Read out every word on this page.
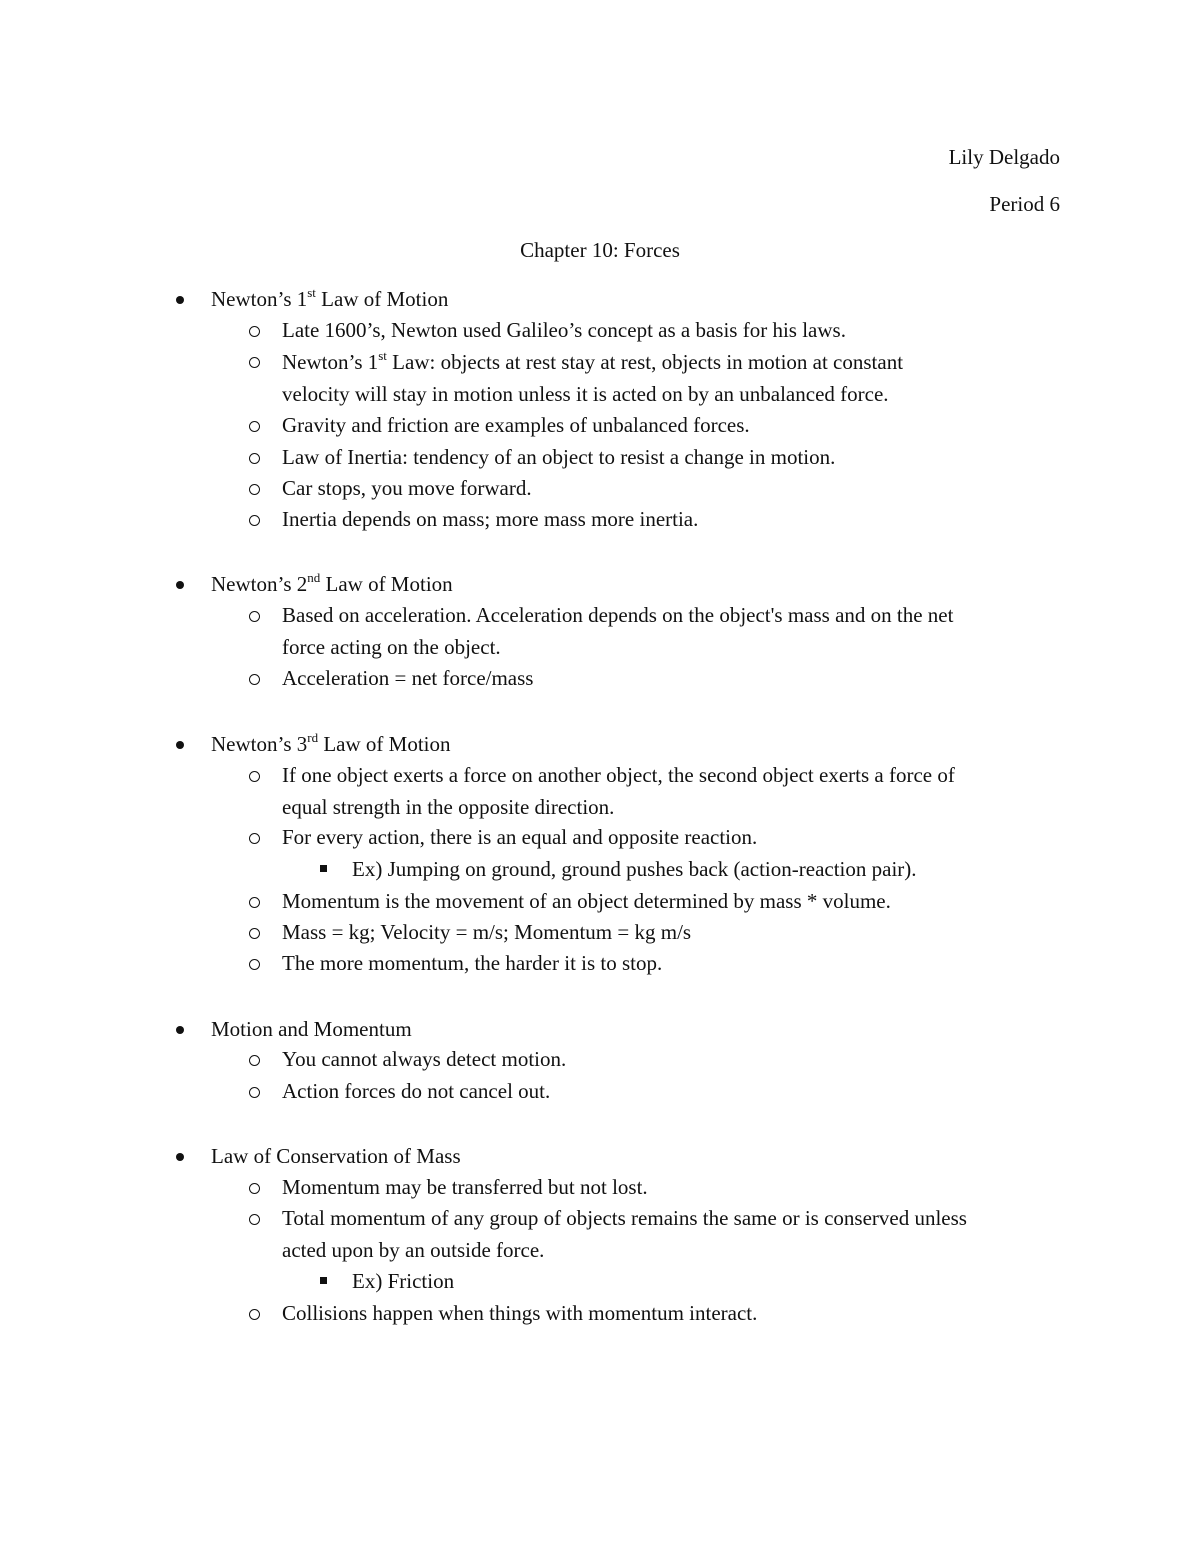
Lily Delgado
Period 6
Chapter 10: Forces
Newton’s 1st Law of Motion
Late 1600’s, Newton used Galileo’s concept as a basis for his laws.
Newton’s 1st Law: objects at rest stay at rest, objects in motion at constant
velocity will stay in motion unless it is acted on by an unbalanced force.
Gravity and friction are examples of unbalanced forces.
Law of Inertia: tendency of an object to resist a change in motion.
Car stops, you move forward.
Inertia depends on mass; more mass more inertia.
Newton’s 2nd Law of Motion
Based on acceleration. Acceleration depends on the object's mass and on the net
force acting on the object.
Acceleration = net force/mass
Newton’s 3rd Law of Motion
If one object exerts a force on another object, the second object exerts a force of
equal strength in the opposite direction.
For every action, there is an equal and opposite reaction.
Ex) Jumping on ground, ground pushes back (action-reaction pair).
Momentum is the movement of an object determined by mass * volume.
Mass = kg; Velocity = m/s; Momentum = kg m/s
The more momentum, the harder it is to stop.
Motion and Momentum
You cannot always detect motion.
Action forces do not cancel out.
Law of Conservation of Mass
Momentum may be transferred but not lost.
Total momentum of any group of objects remains the same or is conserved unless
acted upon by an outside force.
Ex) Friction
Collisions happen when things with momentum interact.
